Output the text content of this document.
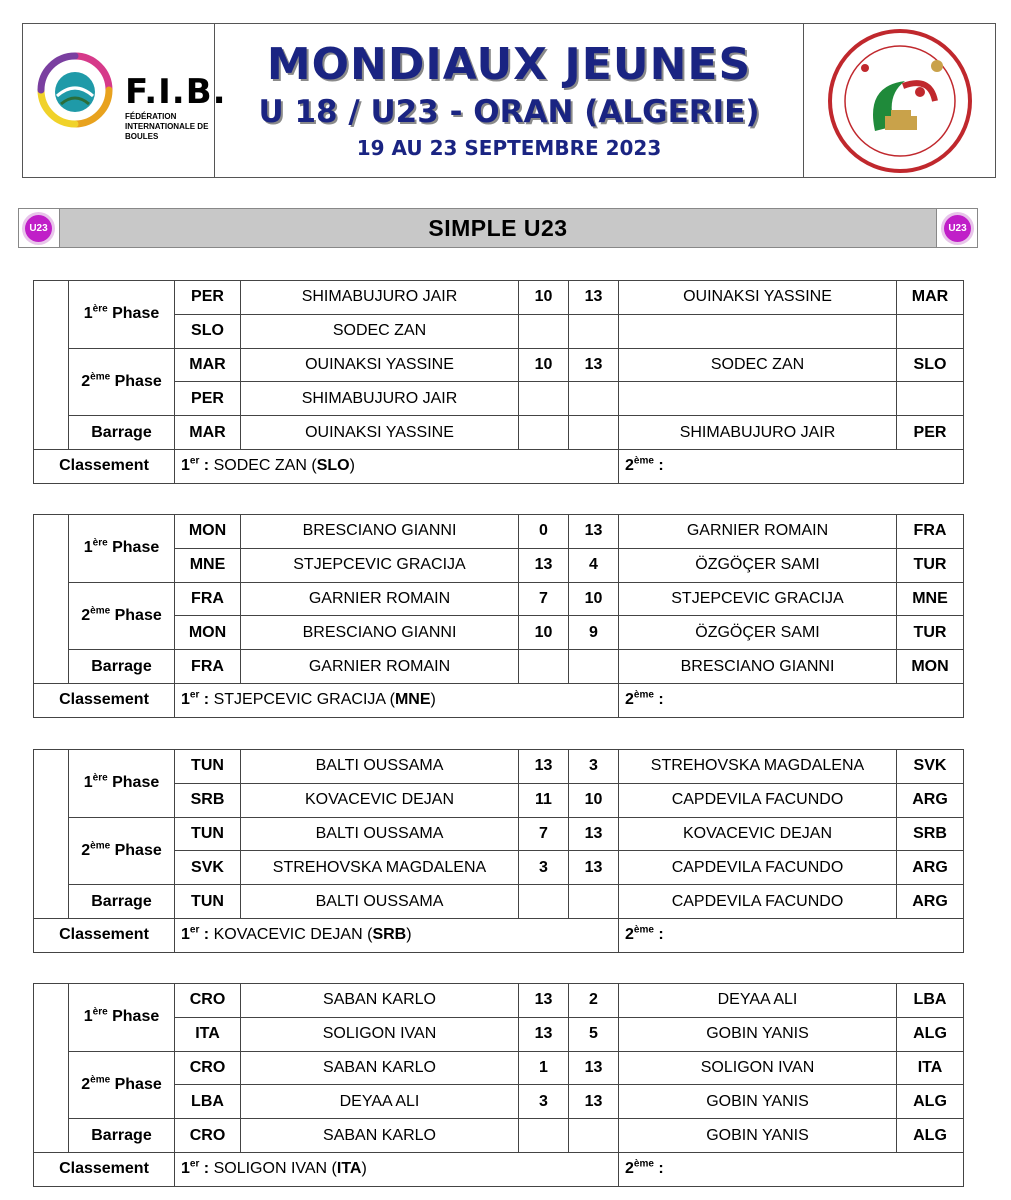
F.I.B.
FÉDÉRATION INTERNATIONALE DE BOULES
MONDIAUX JEUNES
U 18 / U23 - ORAN (ALGERIE)
19 AU 23 SEPTEMBRE 2023
U23	SIMPLE U23	U23
	1ère Phase	PER	SHIMABUJURO JAIR	10	13	OUINAKSI YASSINE	MAR
		SLO	SODEC ZAN				
	2ème Phase	MAR	OUINAKSI YASSINE	10	13	SODEC ZAN	SLO
		PER	SHIMABUJURO JAIR				
	Barrage	MAR	OUINAKSI YASSINE			SHIMABUJURO JAIR	PER
Classement		1er : SODEC ZAN (SLO)				2ème :	
	1ère Phase	MON	BRESCIANO GIANNI	0	13	GARNIER ROMAIN	FRA
		MNE	STJEPCEVIC GRACIJA	13	4	ÖZGÖÇER SAMI	TUR
	2ème Phase	FRA	GARNIER ROMAIN	7	10	STJEPCEVIC GRACIJA	MNE
		MON	BRESCIANO GIANNI	10	9	ÖZGÖÇER SAMI	TUR
	Barrage	FRA	GARNIER ROMAIN			BRESCIANO GIANNI	MON
Classement		1er : STJEPCEVIC GRACIJA (MNE)				2ème :	
	1ère Phase	TUN	BALTI OUSSAMA	13	3	STREHOVSKA MAGDALENA	SVK
		SRB	KOVACEVIC DEJAN	11	10	CAPDEVILA FACUNDO	ARG
	2ème Phase	TUN	BALTI OUSSAMA	7	13	KOVACEVIC DEJAN	SRB
		SVK	STREHOVSKA MAGDALENA	3	13	CAPDEVILA FACUNDO	ARG
	Barrage	TUN	BALTI OUSSAMA			CAPDEVILA FACUNDO	ARG
Classement		1er : KOVACEVIC DEJAN (SRB)				2ème :	
	1ère Phase	CRO	SABAN KARLO	13	2	DEYAA ALI	LBA
		ITA	SOLIGON IVAN	13	5	GOBIN YANIS	ALG
	2ème Phase	CRO	SABAN KARLO	1	13	SOLIGON IVAN	ITA
		LBA	DEYAA ALI	3	13	GOBIN YANIS	ALG
	Barrage	CRO	SABAN KARLO			GOBIN YANIS	ALG
Classement		1er : SOLIGON IVAN (ITA)				2ème :	
